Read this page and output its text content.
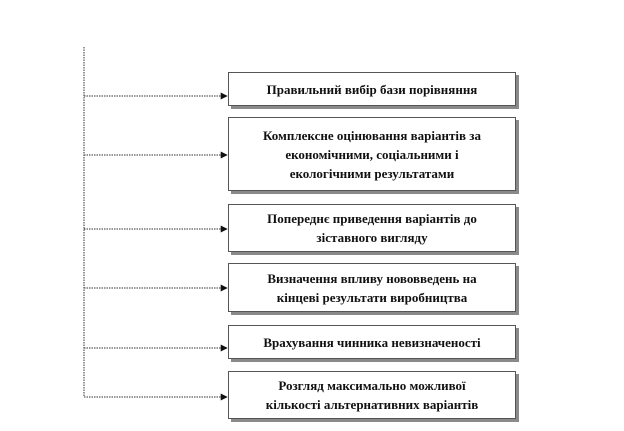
Правильний вибір бази порівняння
Комплексне оцінювання варіантів за
економічними, соціальними і
екологічними результатами
Попереднє приведення варіантів до
зіставного вигляду
Визначення впливу нововведень на
кінцеві результати виробництва
Врахування чинника невизначеності
Розгляд максимально можливої
кількості альтернативних варіантів
